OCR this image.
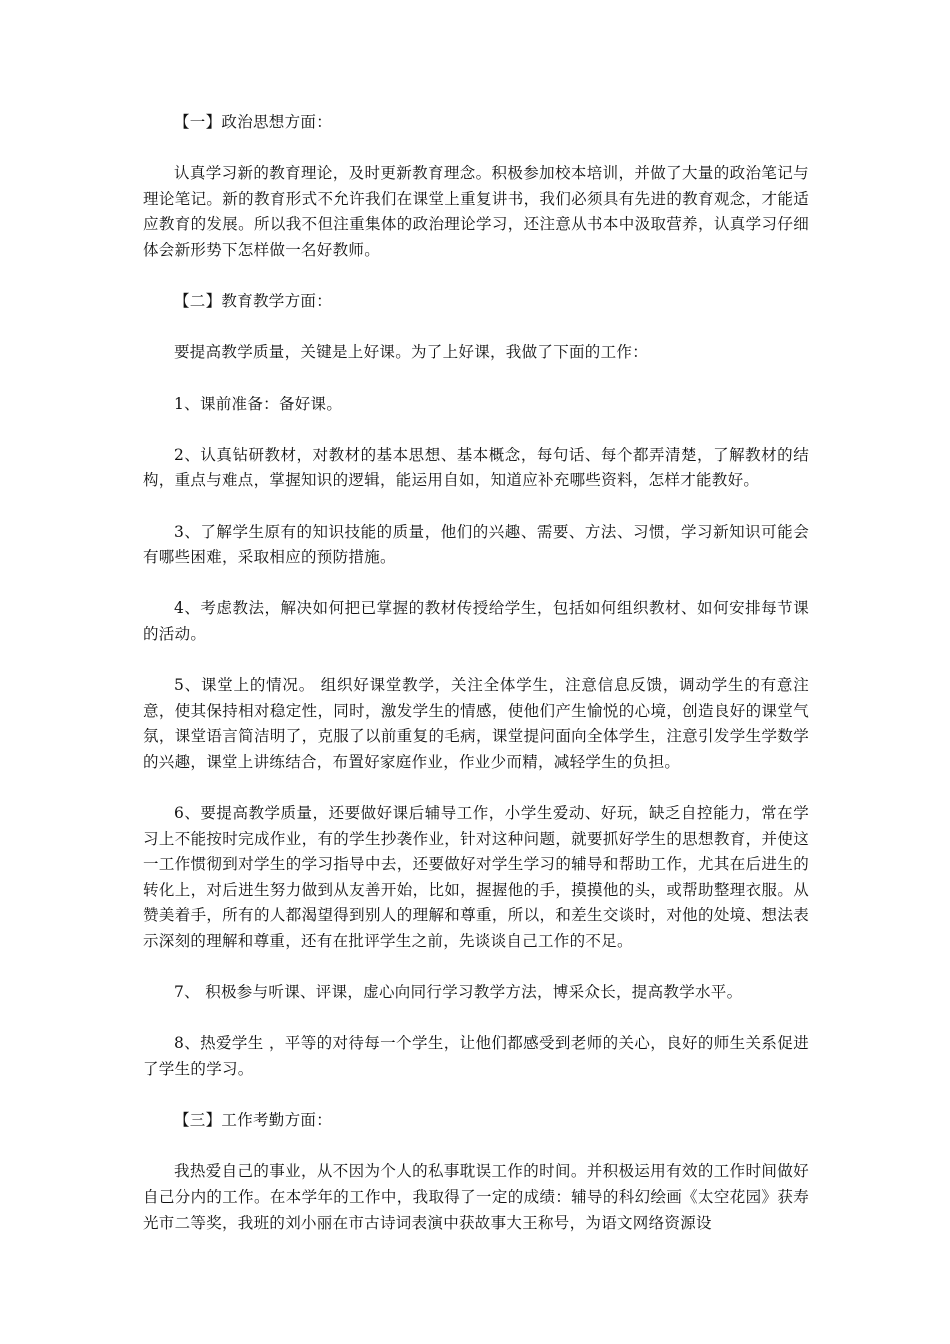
【一】政治思想方面：

认真学习新的教育理论，及时更新教育理念。积极参加校本培训，并做了大量的政治笔记与理论笔记。新的教育形式不允许我们在课堂上重复讲书，我们必须具有先进的教育观念，才能适应教育的发展。所以我不但注重集体的政治理论学习，还注意从书本中汲取营养，认真学习仔细体会新形势下怎样做一名好教师。

【二】教育教学方面：

要提高教学质量，关键是上好课。为了上好课，我做了下面的工作：

1、课前准备：备好课。

2、认真钻研教材，对教材的基本思想、基本概念，每句话、每个都弄清楚，了解教材的结构，重点与难点，掌握知识的逻辑，能运用自如，知道应补充哪些资料，怎样才能教好。

3、了解学生原有的知识技能的质量，他们的兴趣、需要、方法、习惯，学习新知识可能会有哪些困难，采取相应的预防措施。

4、考虑教法，解决如何把已掌握的教材传授给学生，包括如何组织教材、如何安排每节课的活动。

5、课堂上的情况。 组织好课堂教学，关注全体学生，注意信息反馈，调动学生的有意注意，使其保持相对稳定性，同时，激发学生的情感，使他们产生愉悦的心境，创造良好的课堂气氛，课堂语言简洁明了，克服了以前重复的毛病，课堂提问面向全体学生，注意引发学生学数学的兴趣，课堂上讲练结合，布置好家庭作业，作业少而精，减轻学生的负担。

6、要提高教学质量，还要做好课后辅导工作，小学生爱动、好玩，缺乏自控能力，常在学习上不能按时完成作业，有的学生抄袭作业，针对这种问题，就要抓好学生的思想教育，并使这一工作惯彻到对学生的学习指导中去，还要做好对学生学习的辅导和帮助工作，尤其在后进生的转化上，对后进生努力做到从友善开始，比如，握握他的手，摸摸他的头，或帮助整理衣服。从赞美着手，所有的人都渴望得到别人的理解和尊重，所以，和差生交谈时，对他的处境、想法表示深刻的理解和尊重，还有在批评学生之前，先谈谈自己工作的不足。

7、 积极参与听课、评课，虚心向同行学习教学方法，博采众长，提高教学水平。

8、热爱学生 ，平等的对待每一个学生，让他们都感受到老师的关心，良好的师生关系促进了学生的学习。

【三】工作考勤方面：

我热爱自己的事业，从不因为个人的私事耽误工作的时间。并积极运用有效的工作时间做好自己分内的工作。在本学年的工作中，我取得了一定的成绩：辅导的科幻绘画《太空花园》获寿光市二等奖，我班的刘小丽在市古诗词表演中获故事大王称号，为语文网络资源设
